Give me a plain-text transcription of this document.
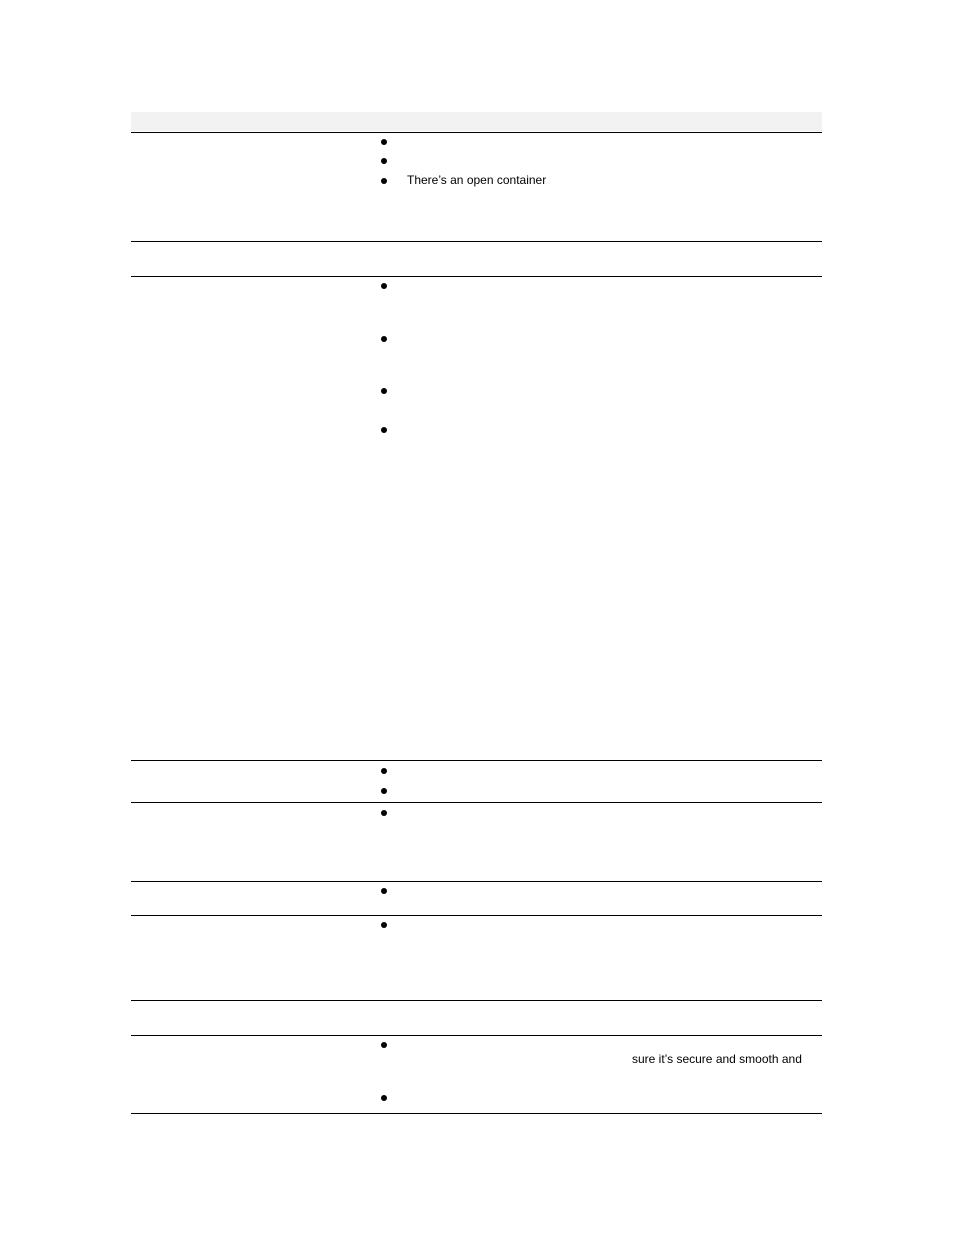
There’s an open container
sure it’s secure and smooth and
